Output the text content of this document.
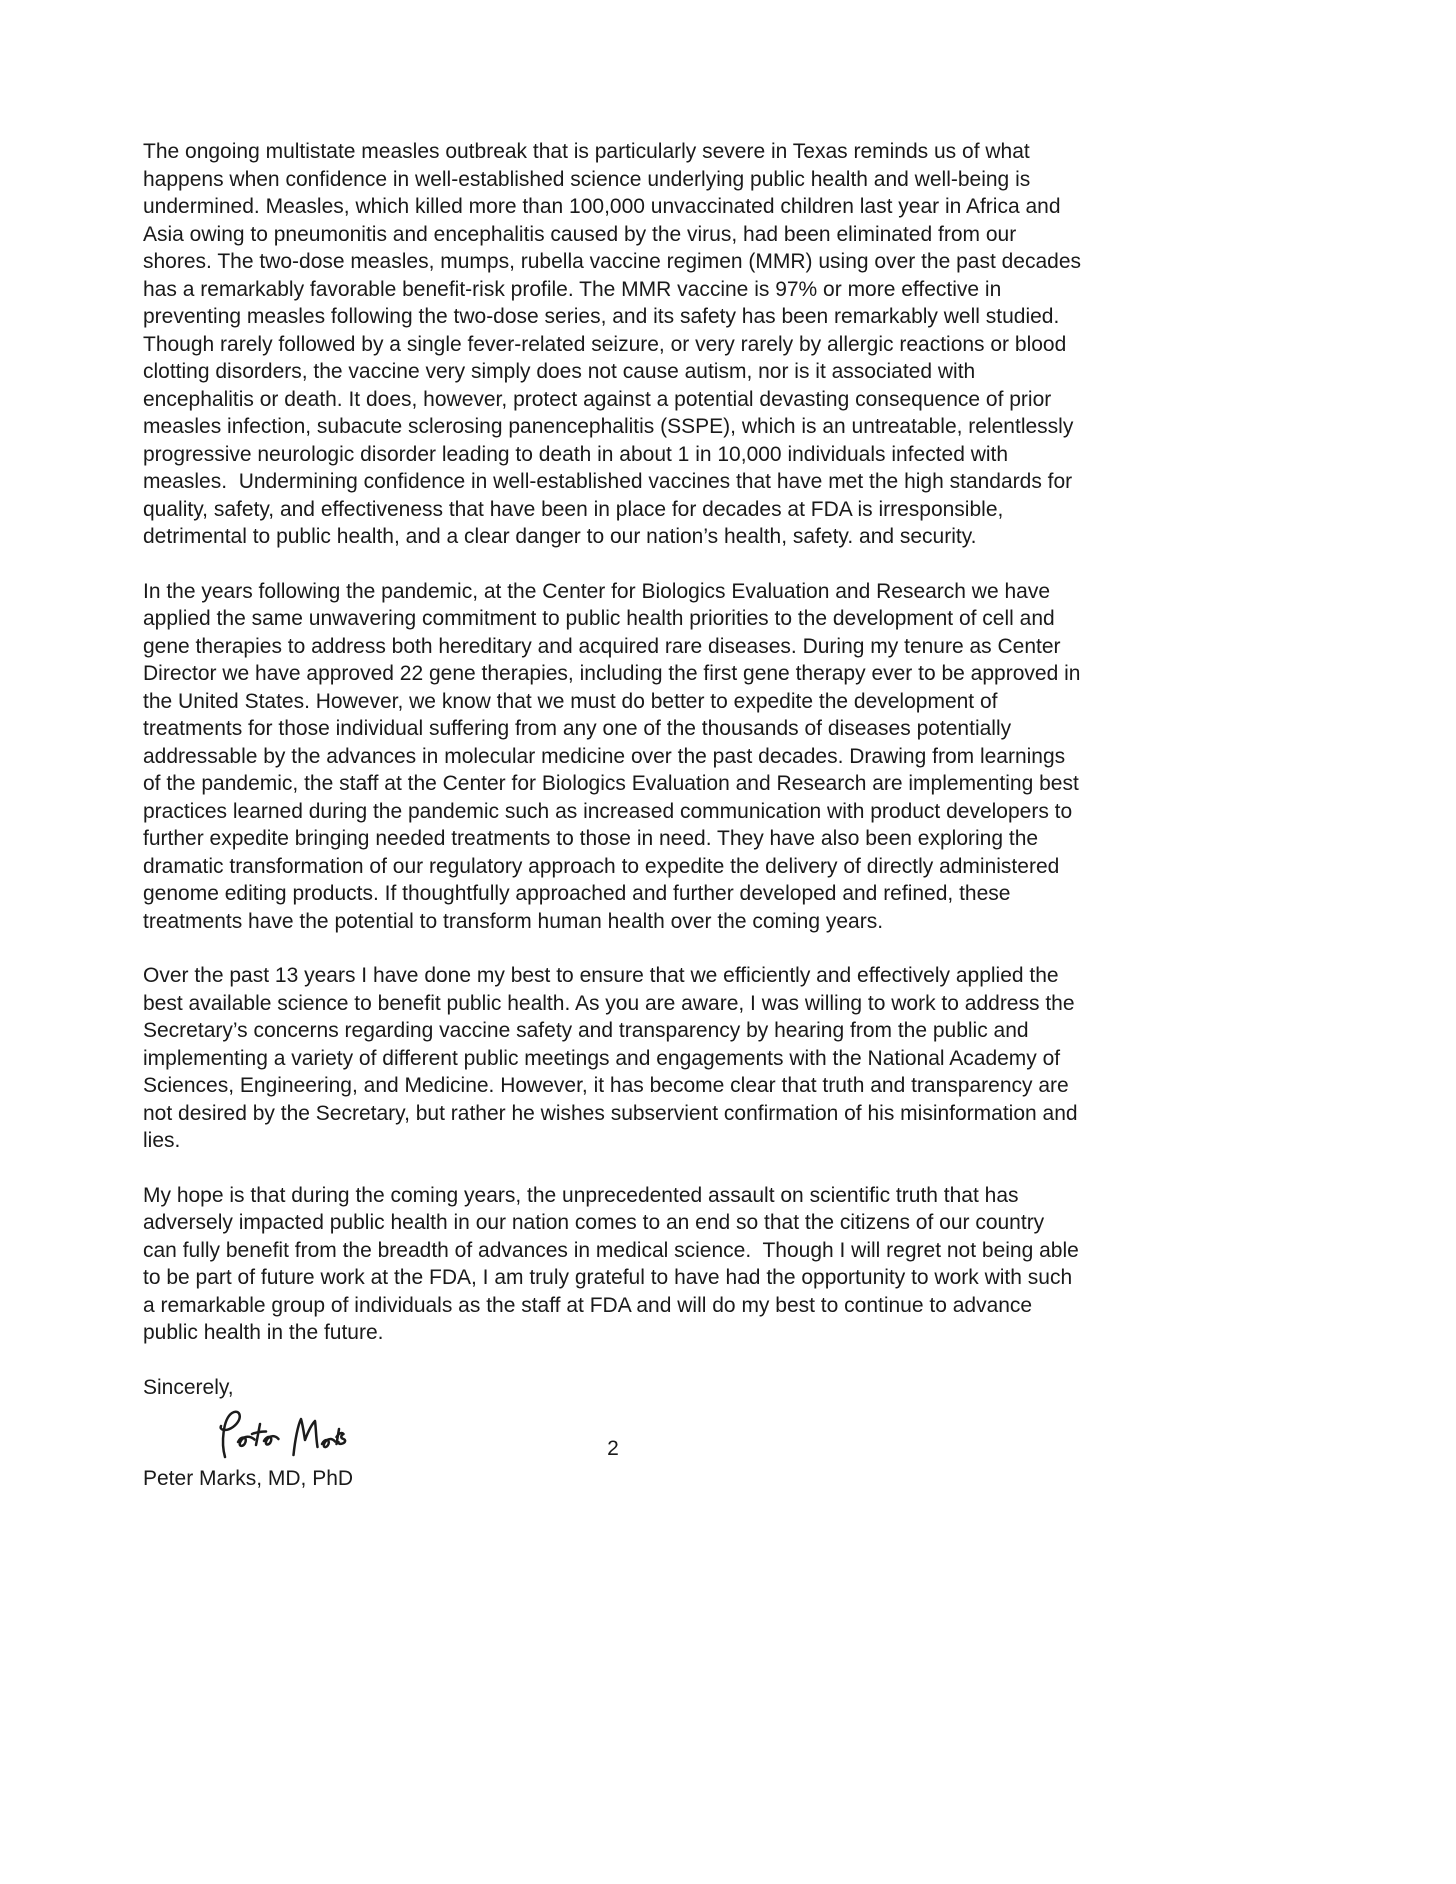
The ongoing multistate measles outbreak that is particularly severe in Texas reminds us of what happens when confidence in well-established science underlying public health and well-being is undermined. Measles, which killed more than 100,000 unvaccinated children last year in Africa and Asia owing to pneumonitis and encephalitis caused by the virus, had been eliminated from our shores. The two-dose measles, mumps, rubella vaccine regimen (MMR) using over the past decades has a remarkably favorable benefit-risk profile. The MMR vaccine is 97% or more effective in preventing measles following the two-dose series, and its safety has been remarkably well studied.  Though rarely followed by a single fever-related seizure, or very rarely by allergic reactions or blood clotting disorders, the vaccine very simply does not cause autism, nor is it associated with encephalitis or death. It does, however, protect against a potential devasting consequence of prior measles infection, subacute sclerosing panencephalitis (SSPE), which is an untreatable, relentlessly progressive neurologic disorder leading to death in about 1 in 10,000 individuals infected with measles.  Undermining confidence in well-established vaccines that have met the high standards for quality, safety, and effectiveness that have been in place for decades at FDA is irresponsible, detrimental to public health, and a clear danger to our nation’s health, safety. and security.

In the years following the pandemic, at the Center for Biologics Evaluation and Research we have applied the same unwavering commitment to public health priorities to the development of cell and gene therapies to address both hereditary and acquired rare diseases. During my tenure as Center Director we have approved 22 gene therapies, including the first gene therapy ever to be approved in the United States. However, we know that we must do better to expedite the development of treatments for those individual suffering from any one of the thousands of diseases potentially addressable by the advances in molecular medicine over the past decades. Drawing from learnings of the pandemic, the staff at the Center for Biologics Evaluation and Research are implementing best practices learned during the pandemic such as increased communication with product developers to further expedite bringing needed treatments to those in need. They have also been exploring the dramatic transformation of our regulatory approach to expedite the delivery of directly administered genome editing products. If thoughtfully approached and further developed and refined, these treatments have the potential to transform human health over the coming years.

Over the past 13 years I have done my best to ensure that we efficiently and effectively applied the best available science to benefit public health. As you are aware, I was willing to work to address the Secretary’s concerns regarding vaccine safety and transparency by hearing from the public and implementing a variety of different public meetings and engagements with the National Academy of Sciences, Engineering, and Medicine. However, it has become clear that truth and transparency are not desired by the Secretary, but rather he wishes subservient confirmation of his misinformation and lies.

My hope is that during the coming years, the unprecedented assault on scientific truth that has adversely impacted public health in our nation comes to an end so that the citizens of our country can fully benefit from the breadth of advances in medical science.  Though I will regret not being able to be part of future work at the FDA, I am truly grateful to have had the opportunity to work with such a remarkable group of individuals as the staff at FDA and will do my best to continue to advance public health in the future.

Sincerely,

Peter Marks, MD, PhD

2
